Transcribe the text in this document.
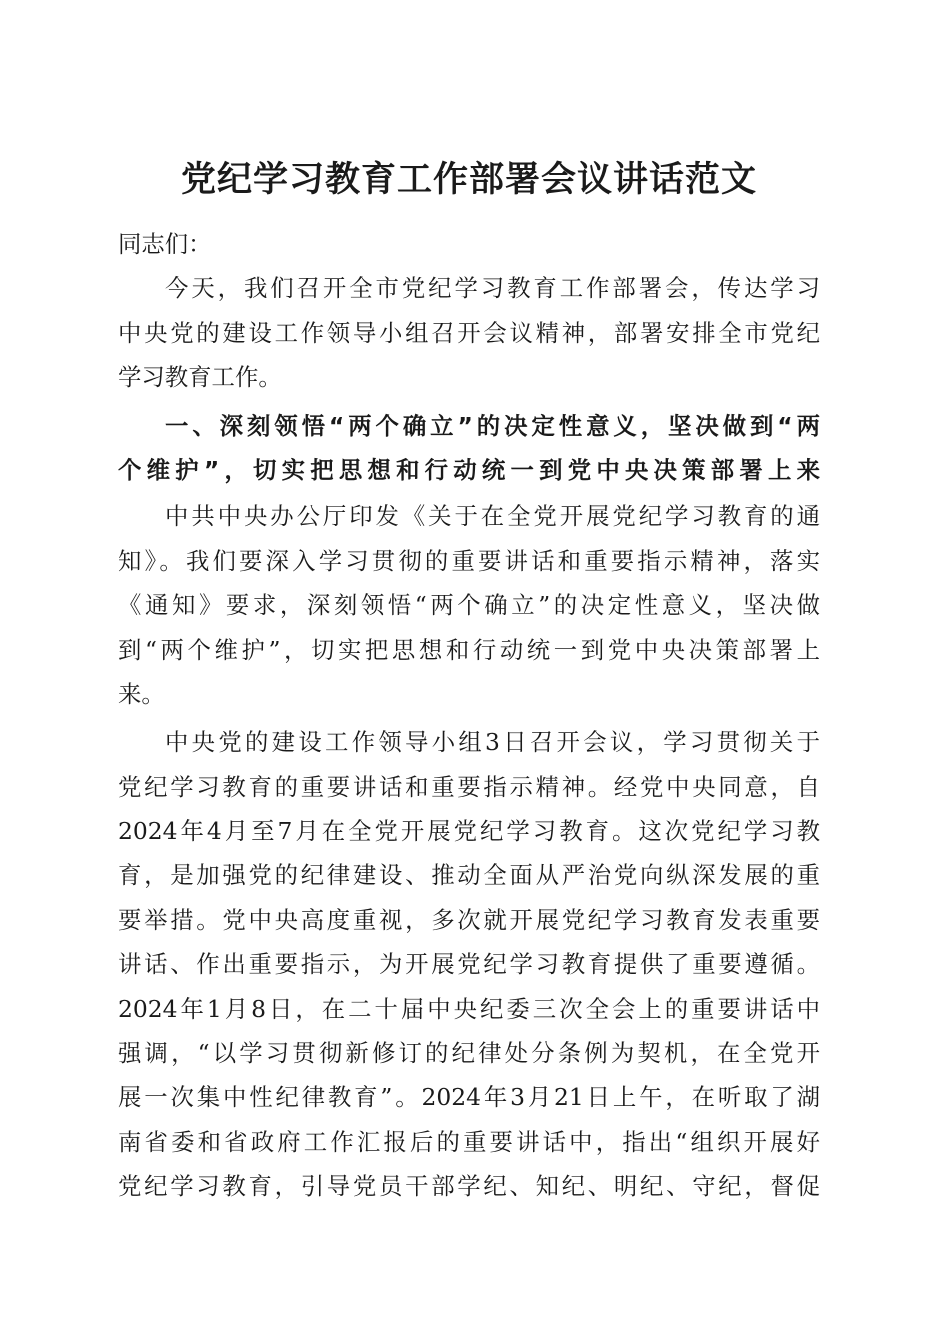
党纪学习教育工作部署会议讲话范文
同志们：
今天，我们召开全市党纪学习教育工作部署会，传达学习
中央党的建设工作领导小组召开会议精神，部署安排全市党纪
学习教育工作。
一、深刻领悟“两个确立”的决定性意义，坚决做到“两
个维护”，切实把思想和行动统一到党中央决策部署上来
中共中央办公厅印发《关于在全党开展党纪学习教育的通
知》。我们要深入学习贯彻的重要讲话和重要指示精神，落实
《通知》要求，深刻领悟“两个确立”的决定性意义，坚决做
到“两个维护”，切实把思想和行动统一到党中央决策部署上
来。
中央党的建设工作领导小组3日召开会议，学习贯彻关于
党纪学习教育的重要讲话和重要指示精神。经党中央同意，自
2024年4月至7月在全党开展党纪学习教育。这次党纪学习教
育，是加强党的纪律建设、推动全面从严治党向纵深发展的重
要举措。党中央高度重视，多次就开展党纪学习教育发表重要
讲话、作出重要指示，为开展党纪学习教育提供了重要遵循。
2024年1月8日，在二十届中央纪委三次全会上的重要讲话中
强调，“以学习贯彻新修订的纪律处分条例为契机，在全党开
展一次集中性纪律教育”。2024年3月21日上午，在听取了湖
南省委和省政府工作汇报后的重要讲话中，指出“组织开展好
党纪学习教育，引导党员干部学纪、知纪、明纪、守纪，督促
